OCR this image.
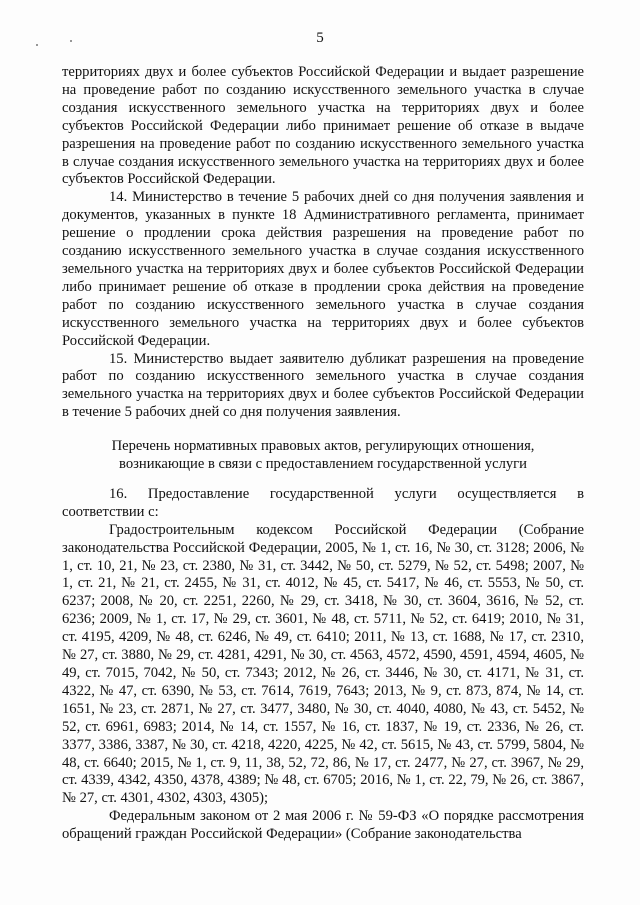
5

территориях двух и более субъектов Российской Федерации и выдает разрешение на проведение работ по созданию искусственного земельного участка в случае создания искусственного земельного участка на территориях двух и более субъектов Российской Федерации либо принимает решение об отказе в выдаче разрешения на проведение работ по созданию искусственного земельного участка в случае создания искусственного земельного участка на территориях двух и более субъектов Российской Федерации.

14. Министерство в течение 5 рабочих дней со дня получения заявления и документов, указанных в пункте 18 Административного регламента, принимает решение о продлении срока действия разрешения на проведение работ по созданию искусственного земельного участка в случае создания искусственного земельного участка на территориях двух и более субъектов Российской Федерации либо принимает решение об отказе в продлении срока действия на проведение работ по созданию искусственного земельного участка в случае создания искусственного земельного участка на территориях двух и более субъектов Российской Федерации.

15. Министерство выдает заявителю дубликат разрешения на проведение работ по созданию искусственного земельного участка в случае создания земельного участка на территориях двух и более субъектов Российской Федерации в течение 5 рабочих дней со дня получения заявления.

Перечень нормативных правовых актов, регулирующих отношения,
возникающие в связи с предоставлением государственной услуги

16. Предоставление государственной услуги осуществляется в соответствии с:

Градостроительным кодексом Российской Федерации (Собрание законодательства Российской Федерации, 2005, № 1, ст. 16, № 30, ст. 3128; 2006, № 1, ст. 10, 21, № 23, ст. 2380, № 31, ст. 3442, № 50, ст. 5279, № 52, ст. 5498; 2007, № 1, ст. 21, № 21, ст. 2455, № 31, ст. 4012, № 45, ст. 5417, № 46, ст. 5553, № 50, ст. 6237; 2008, № 20, ст. 2251, 2260, № 29, ст. 3418, № 30, ст. 3604, 3616, № 52, ст. 6236; 2009, № 1, ст. 17, № 29, ст. 3601, № 48, ст. 5711, № 52, ст. 6419; 2010, № 31, ст. 4195, 4209, № 48, ст. 6246, № 49, ст. 6410; 2011, № 13, ст. 1688, № 17, ст. 2310, № 27, ст. 3880, № 29, ст. 4281, 4291, № 30, ст. 4563, 4572, 4590, 4591, 4594, 4605, № 49, ст. 7015, 7042, № 50, ст. 7343; 2012, № 26, ст. 3446, № 30, ст. 4171, № 31, ст. 4322, № 47, ст. 6390, № 53, ст. 7614, 7619, 7643; 2013, № 9, ст. 873, 874, № 14, ст. 1651, № 23, ст. 2871, № 27, ст. 3477, 3480, № 30, ст. 4040, 4080, № 43, ст. 5452, № 52, ст. 6961, 6983; 2014, № 14, ст. 1557, № 16, ст. 1837, № 19, ст. 2336, № 26, ст. 3377, 3386, 3387, № 30, ст. 4218, 4220, 4225, № 42, ст. 5615, № 43, ст. 5799, 5804, № 48, ст. 6640; 2015, № 1, ст. 9, 11, 38, 52, 72, 86, № 17, ст. 2477, № 27, ст. 3967, № 29, ст. 4339, 4342, 4350, 4378, 4389; № 48, ст. 6705; 2016, № 1, ст. 22, 79, № 26, ст. 3867, № 27, ст. 4301, 4302, 4303, 4305);

Федеральным законом от 2 мая 2006 г. № 59-ФЗ «О порядке рассмотрения обращений граждан Российской Федерации» (Собрание законодательства
